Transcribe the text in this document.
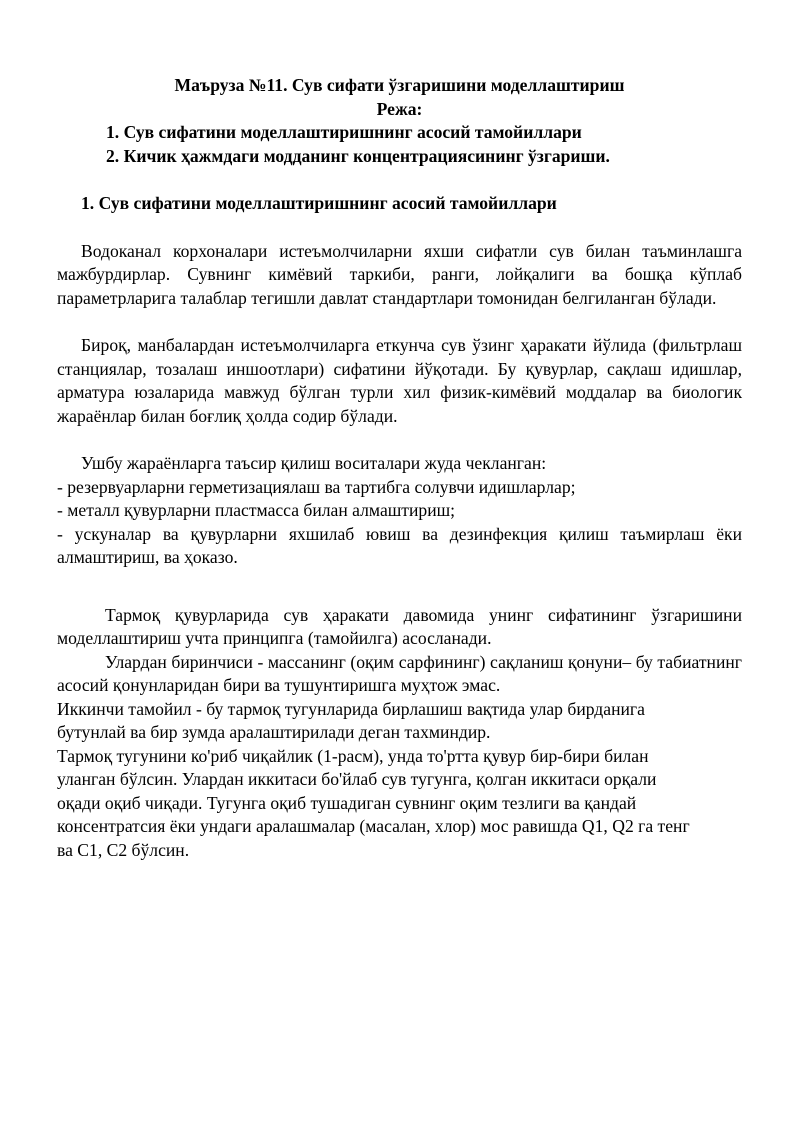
Маъруза №11. Сув сифати ўзгаришини моделлаштириш

Режа:

1. Сув сифатини моделлаштиришнинг асосий тамойиллари
2. Кичик ҳажмдаги модданинг концентрациясининг ўзгариши.

1. Сув сифатини моделлаштиришнинг асосий тамойиллари

Водоканал корхоналари истеъмолчиларни яхши сифатли сув билан таъминлашга мажбурдирлар. Сувнинг кимёвий таркиби, ранги, лойқалиги ва бошқа кўплаб параметрларига талаблар тегишли давлат стандартлари томонидан белгиланган бўлади.

Бироқ, манбалардан истеъмолчиларга еткунча сув ўзинг ҳаракати йўлида (фильтрлаш станциялар, тозалаш иншоотлари) сифатини йўқотади. Бу қувурлар, сақлаш идишлар, арматура юзаларида мавжуд бўлган турли хил физик-кимёвий моддалар ва биологик жараёнлар билан боғлиқ ҳолда содир бўлади.

Ушбу жараёнларга таъсир қилиш воситалари жуда чекланган:

- резервуарларни герметизациялаш ва тартибга солувчи идишларлар;
- металл қувурларни пластмасса билан алмаштириш;
- ускуналар ва қувурларни яхшилаб ювиш ва дезинфекция қилиш таъмирлаш ёки алмаштириш, ва ҳоказо.

Тармоқ қувурларида сув ҳаракати давомида унинг сифатининг ўзгаришини моделлаштириш учта принципга (тамойилга) асосланади.

Улардан биринчиси - массанинг (оқим сарфининг) сақланиш қонуни– бу табиатнинг асосий қонунларидан бири ва тушунтиришга муҳтож эмас.

Иккинчи тамойил - бу тармоқ тугунларида бирлашиш вақтида улар бирданига
бутунлай ва бир зумда аралаштирилади деган тахминдир.
Тармоқ тугунини ко'риб чиқайлик (1-расм), унда то'ртта қувур бир-бири билан
уланган бўлсин. Улардан иккитаси бо'йлаб сув тугунга, қолган иккитаси орқали
оқади оқиб чиқади. Тугунга оқиб тушадиган сувнинг оқим тезлиги ва қандай
консентратсия ёки ундаги аралашмалар (масалан, хлор) мос равишда Q1, Q2 га тенг
ва C1, C2 бўлсин.
